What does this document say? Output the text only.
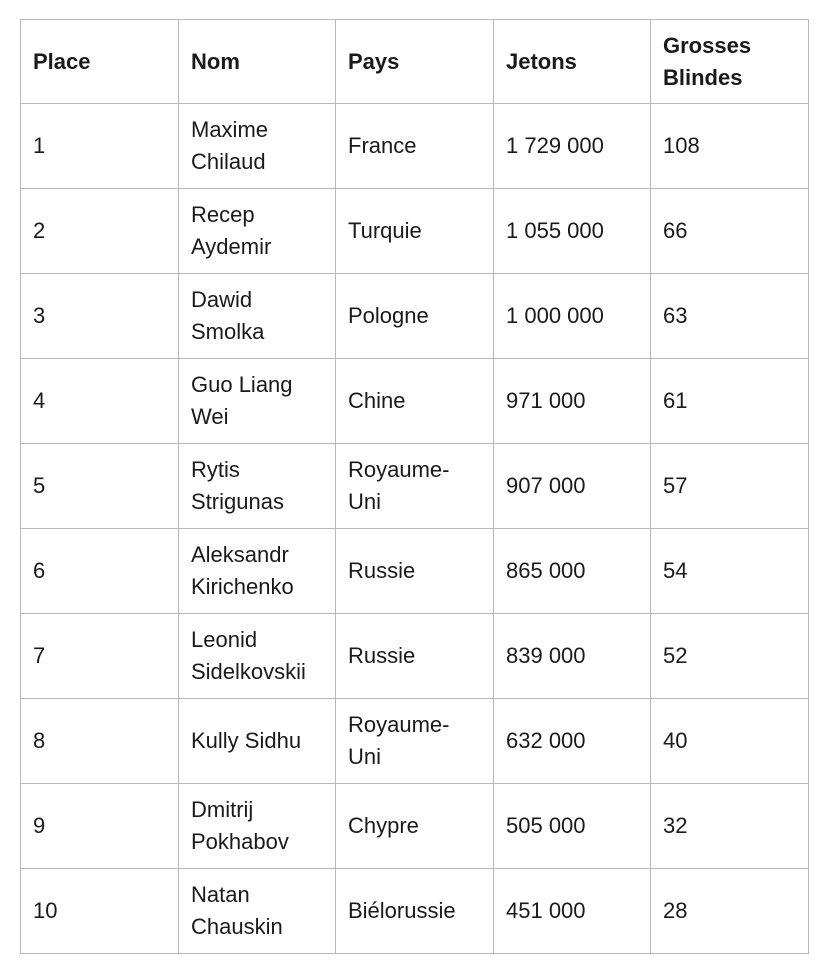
Place	Nom	Pays	Jetons	Grosses Blindes
1	Maxime Chilaud	France	1 729 000	108
2	Recep Aydemir	Turquie	1 055 000	66
3	Dawid Smolka	Pologne	1 000 000	63
4	Guo Liang Wei	Chine	971 000	61
5	Rytis Strigunas	Royaume-Uni	907 000	57
6	Aleksandr Kirichenko	Russie	865 000	54
7	Leonid Sidelkovskii	Russie	839 000	52
8	Kully Sidhu	Royaume-Uni	632 000	40
9	Dmitrij Pokhabov	Chypre	505 000	32
10	Natan Chauskin	Biélorussie	451 000	28
